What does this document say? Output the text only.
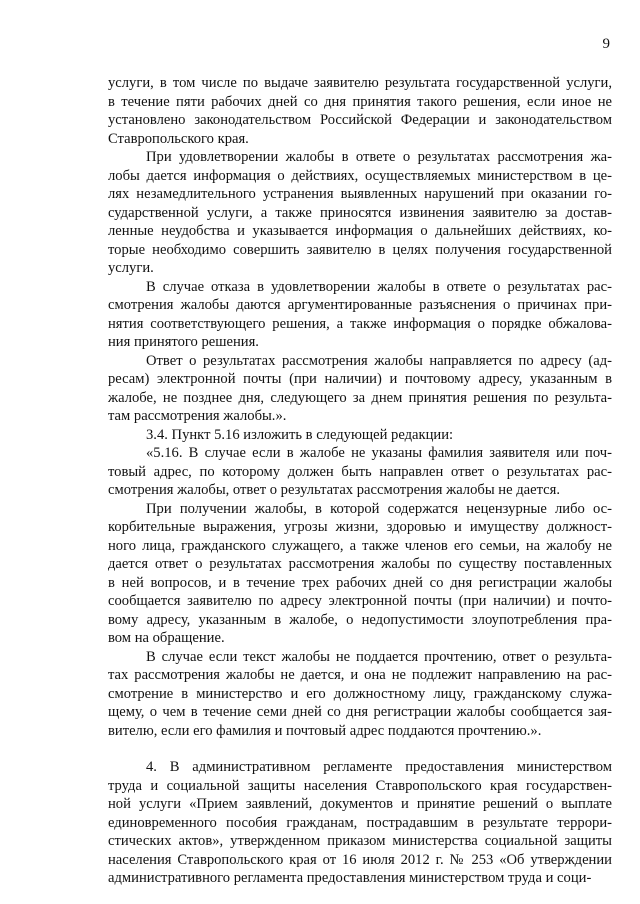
9
услуги, в том числе по выдаче заявителю результата государственной услуги,
в течение пяти рабочих дней со дня принятия такого решения, если иное не
установлено законодательством Российской Федерации и законодательством
Ставропольского края.
При удовлетворении жалобы в ответе о результатах рассмотрения жа-
лобы дается информация о действиях, осуществляемых министерством в це-
лях незамедлительного устранения выявленных нарушений при оказании го-
сударственной услуги, а также приносятся извинения заявителю за достав-
ленные неудобства и указывается информация о дальнейших действиях, ко-
торые необходимо совершить заявителю в целях получения государственной
услуги.
В случае отказа в удовлетворении жалобы в ответе о результатах рас-
смотрения жалобы даются аргументированные разъяснения о причинах при-
нятия соответствующего решения, а также информация о порядке обжалова-
ния принятого решения.
Ответ о результатах рассмотрения жалобы направляется по адресу (ад-
ресам) электронной почты (при наличии) и почтовому адресу, указанным в
жалобе, не позднее дня, следующего за днем принятия решения по результа-
там рассмотрения жалобы.».
3.4. Пункт 5.16 изложить в следующей редакции:
«5.16. В случае если в жалобе не указаны фамилия заявителя или поч-
товый адрес, по которому должен быть направлен ответ о результатах рас-
смотрения жалобы, ответ о результатах рассмотрения жалобы не дается.
При получении жалобы, в которой содержатся нецензурные либо ос-
корбительные выражения, угрозы жизни, здоровью и имуществу должност-
ного лица, гражданского служащего, а также членов его семьи, на жалобу не
дается ответ о результатах рассмотрения жалобы по существу поставленных
в ней вопросов, и в течение трех рабочих дней со дня регистрации жалобы
сообщается заявителю по адресу электронной почты (при наличии) и почто-
вому адресу, указанным в жалобе, о недопустимости злоупотребления пра-
вом на обращение.
В случае если текст жалобы не поддается прочтению, ответ о результа-
тах рассмотрения жалобы не дается, и она не подлежит направлению на рас-
смотрение в министерство и его должностному лицу, гражданскому служа-
щему, о чем в течение семи дней со дня регистрации жалобы сообщается зая-
вителю, если его фамилия и почтовый адрес поддаются прочтению.».
4. В административном регламенте предоставления министерством
труда и социальной защиты населения Ставропольского края государствен-
ной услуги «Прием заявлений, документов и принятие решений о выплате
единовременного пособия гражданам, пострадавшим в результате террори-
стических актов», утвержденном приказом министерства социальной защиты
населения Ставропольского края от 16 июля 2012 г. № 253 «Об утверждении
административного регламента предоставления министерством труда и соци-
